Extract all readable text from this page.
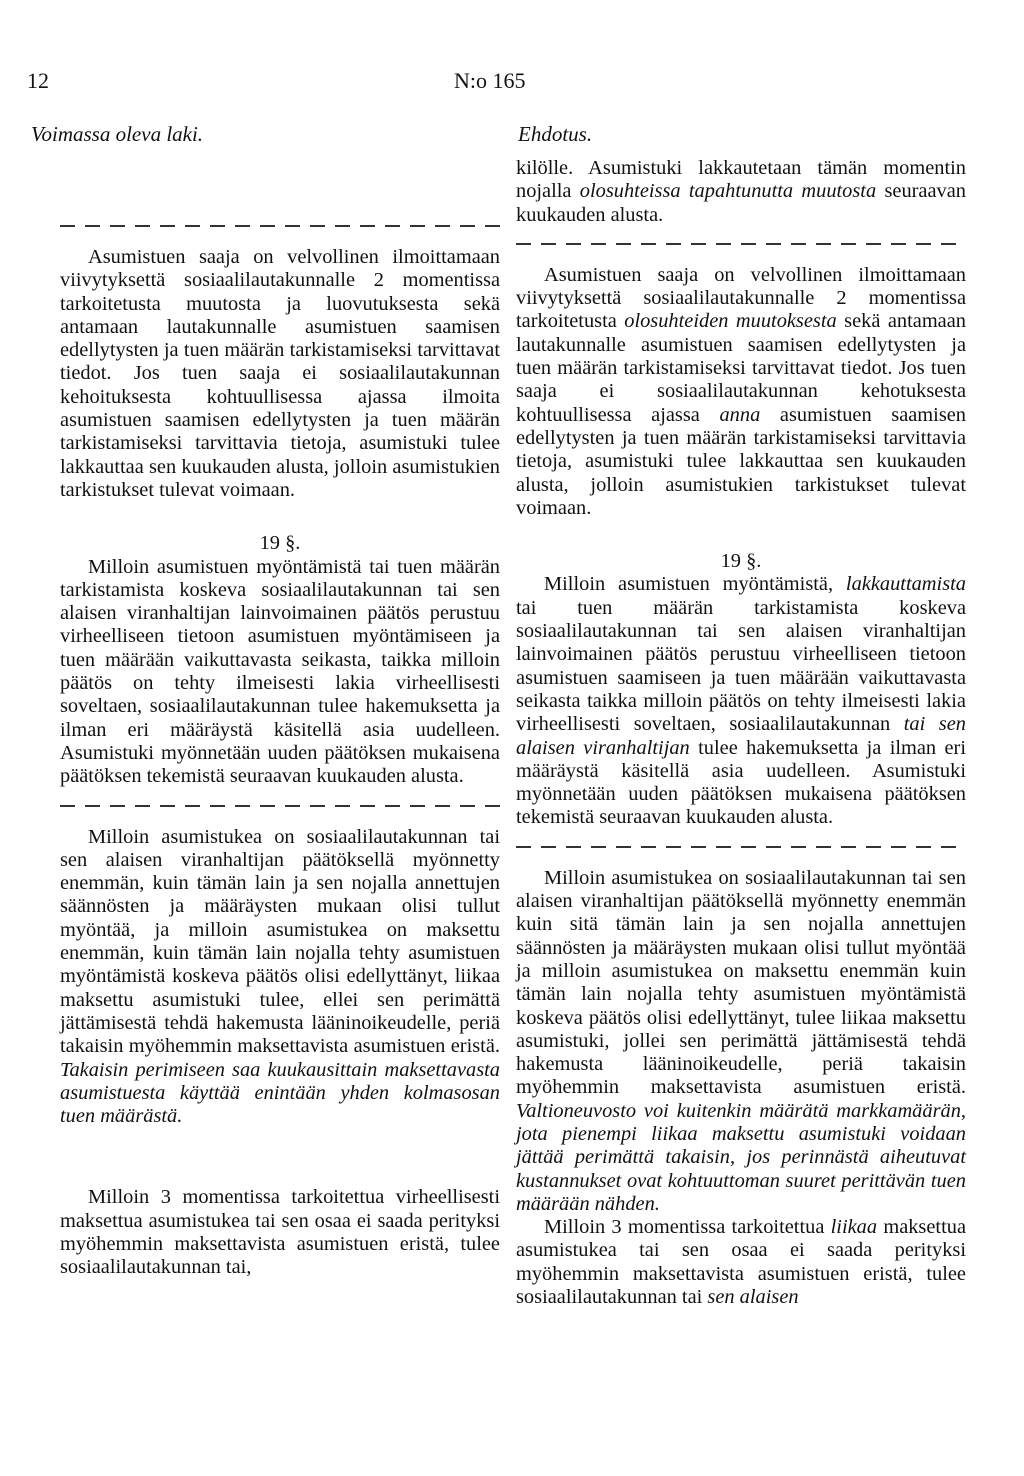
12	N:o 165
Voimassa oleva laki.	Ehdotus.

Asumistuen saaja on velvollinen ilmoittamaan viivytyksettä sosiaalilautakunnalle 2 momentissa tarkoitetusta muutosta ja luovutuksesta sekä antamaan lautakunnalle asumistuen saamisen edellytysten ja tuen määrän tarkistamiseksi tarvittavat tiedot. Jos tuen saaja ei sosiaalilautakunnan kehoituksesta kohtuullisessa ajassa ilmoita asumistuen saamisen edellytysten ja tuen määrän tarkistamiseksi tarvittavia tietoja, asumistuki tulee lakkauttaa sen kuukauden alusta, jolloin asumistukien tarkistukset tulevat voimaan.

19 §.

Milloin asumistuen myöntämistä tai tuen määrän tarkistamista koskeva sosiaalilautakunnan tai sen alaisen viranhaltijan lainvoimainen päätös perustuu virheelliseen tietoon asumistuen myöntämiseen ja tuen määrään vaikuttavasta seikasta, taikka milloin päätös on tehty ilmeisesti lakia virheellisesti soveltaen, sosiaalilautakunnan tulee hakemuksetta ja ilman eri määräystä käsitellä asia uudelleen. Asumistuki myönnetään uuden päätöksen mukaisena päätöksen tekemistä seuraavan kuukauden alusta.

Milloin asumistukea on sosiaalilautakunnan tai sen alaisen viranhaltijan päätöksellä myönnetty enemmän, kuin tämän lain ja sen nojalla annettujen säännösten ja määräysten mukaan olisi tullut myöntää, ja milloin asumistukea on maksettu enemmän, kuin tämän lain nojalla tehty asumistuen myöntämistä koskeva päätös olisi edellyttänyt, liikaa maksettu asumistuki tulee, ellei sen perimättä jättämisestä tehdä hakemusta lääninoikeudelle, periä takaisin myöhemmin maksettavista asumistuen eristä. Takaisin perimiseen saa kuukausittain maksettavasta asumistuesta käyttää enintään yhden kolmasosan tuen määrästä.

Milloin 3 momentissa tarkoitettua virheellisesti maksettua asumistukea tai sen osaa ei saada perityksi myöhemmin maksettavista asumistuen eristä, tulee sosiaalilautakunnan tai,

kilölle. Asumistuki lakkautetaan tämän momentin nojalla olosuhteissa tapahtunutta muutosta seuraavan kuukauden alusta.

Asumistuen saaja on velvollinen ilmoittamaan viivytyksettä sosiaalilautakunnalle 2 momentissa tarkoitetusta olosuhteiden muutoksesta sekä antamaan lautakunnalle asumistuen saamisen edellytysten ja tuen määrän tarkistamiseksi tarvittavat tiedot. Jos tuen saaja ei sosiaalilautakunnan kehotuksesta kohtuullisessa ajassa anna asumistuen saamisen edellytysten ja tuen määrän tarkistamiseksi tarvittavia tietoja, asumistuki tulee lakkauttaa sen kuukauden alusta, jolloin asumistukien tarkistukset tulevat voimaan.

19 §.

Milloin asumistuen myöntämistä, lakkauttamista tai tuen määrän tarkistamista koskeva sosiaalilautakunnan tai sen alaisen viranhaltijan lainvoimainen päätös perustuu virheelliseen tietoon asumistuen saamiseen ja tuen määrään vaikuttavasta seikasta taikka milloin päätös on tehty ilmeisesti lakia virheellisesti soveltaen, sosiaalilautakunnan tai sen alaisen viranhaltijan tulee hakemuksetta ja ilman eri määräystä käsitellä asia uudelleen. Asumistuki myönnetään uuden päätöksen mukaisena päätöksen tekemistä seuraavan kuukauden alusta.

Milloin asumistukea on sosiaalilautakunnan tai sen alaisen viranhaltijan päätöksellä myönnetty enemmän kuin sitä tämän lain ja sen nojalla annettujen säännösten ja määräysten mukaan olisi tullut myöntää ja milloin asumistukea on maksettu enemmän kuin tämän lain nojalla tehty asumistuen myöntämistä koskeva päätös olisi edellyttänyt, tulee liikaa maksettu asumistuki, jollei sen perimättä jättämisestä tehdä hakemusta lääninoikeudelle, periä takaisin myöhemmin maksettavista asumistuen eristä. Valtioneuvosto voi kuitenkin määrätä markkamäärän, jota pienempi liikaa maksettu asumistuki voidaan jättää perimättä takaisin, jos perinnästä aiheutuvat kustannukset ovat kohtuuttoman suuret perittävän tuen määrään nähden.

Milloin 3 momentissa tarkoitettua liikaa maksettua asumistukea tai sen osaa ei saada perityksi myöhemmin maksettavista asumistuen eristä, tulee sosiaalilautakunnan tai sen alaisen
